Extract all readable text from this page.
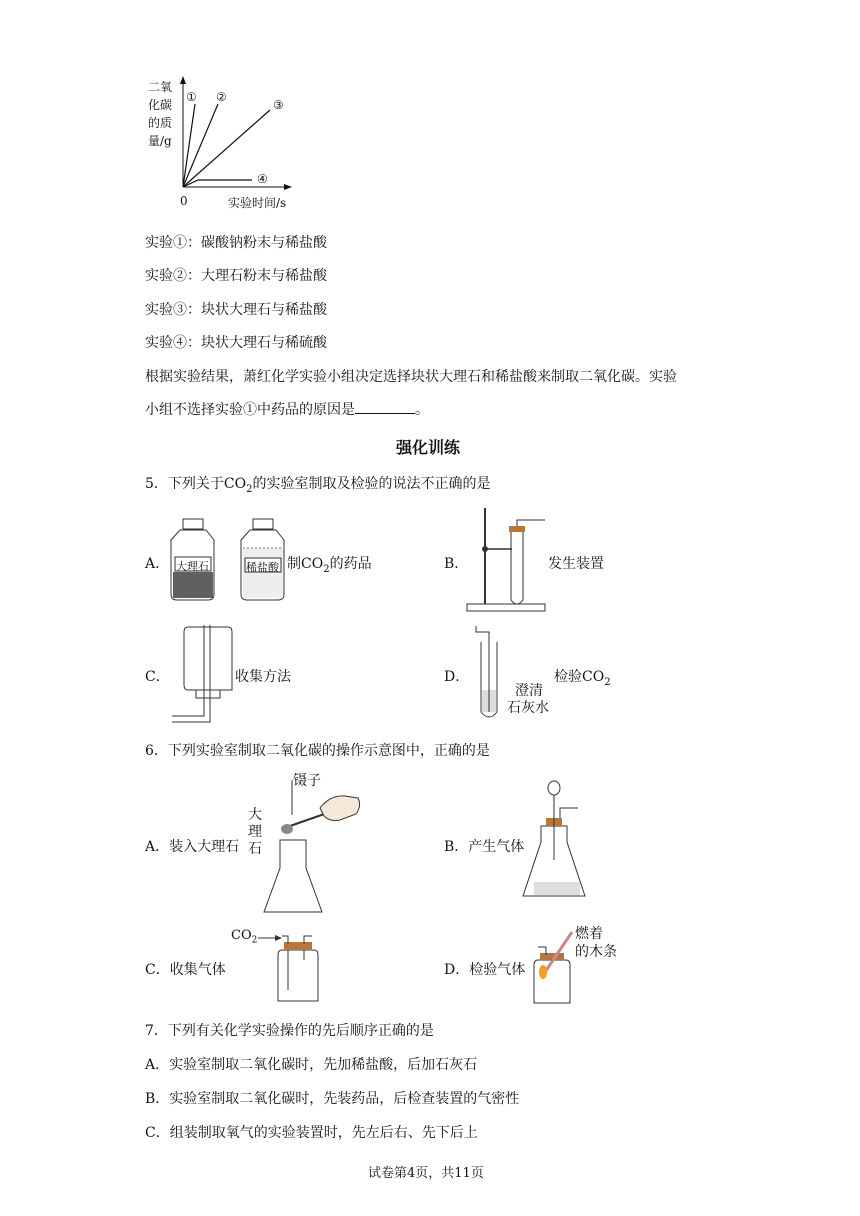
二氧
化碳
的质
量/g
① ②
③
④
0	实验时间/s
实验①：碳酸钠粉末与稀盐酸
实验②：大理石粉末与稀盐酸
实验③：块状大理石与稀盐酸
实验④：块状大理石与稀硫酸
根据实验结果，萧红化学实验小组决定选择块状大理石和稀盐酸来制取二氧化碳。实验
小组不选择实验①中药品的原因是	。
强化训练
5．下列关于$CO_2$的实验室制取及检验的说法不正确的是
A． 大理石	稀盐酸 制$CO_2$的药品	B．	发生装置
C．	收集方法	D．
澄清
石灰水
检验$CO_2$
6．下列实验室制取二氧化碳的操作示意图中，正确的是
A．装入大理石
镊子
大
理
石	B．产生气体
C．收集气体
$CO_2$
D．检验气体
燃着
的木条
7．下列有关化学实验操作的先后顺序正确的是
A．实验室制取二氧化碳时，先加稀盐酸，后加石灰石
B．实验室制取二氧化碳时，先装药品，后检查装置的气密性
C．组装制取氧气的实验装置时，先左后右、先下后上
试卷第4页，共11页
